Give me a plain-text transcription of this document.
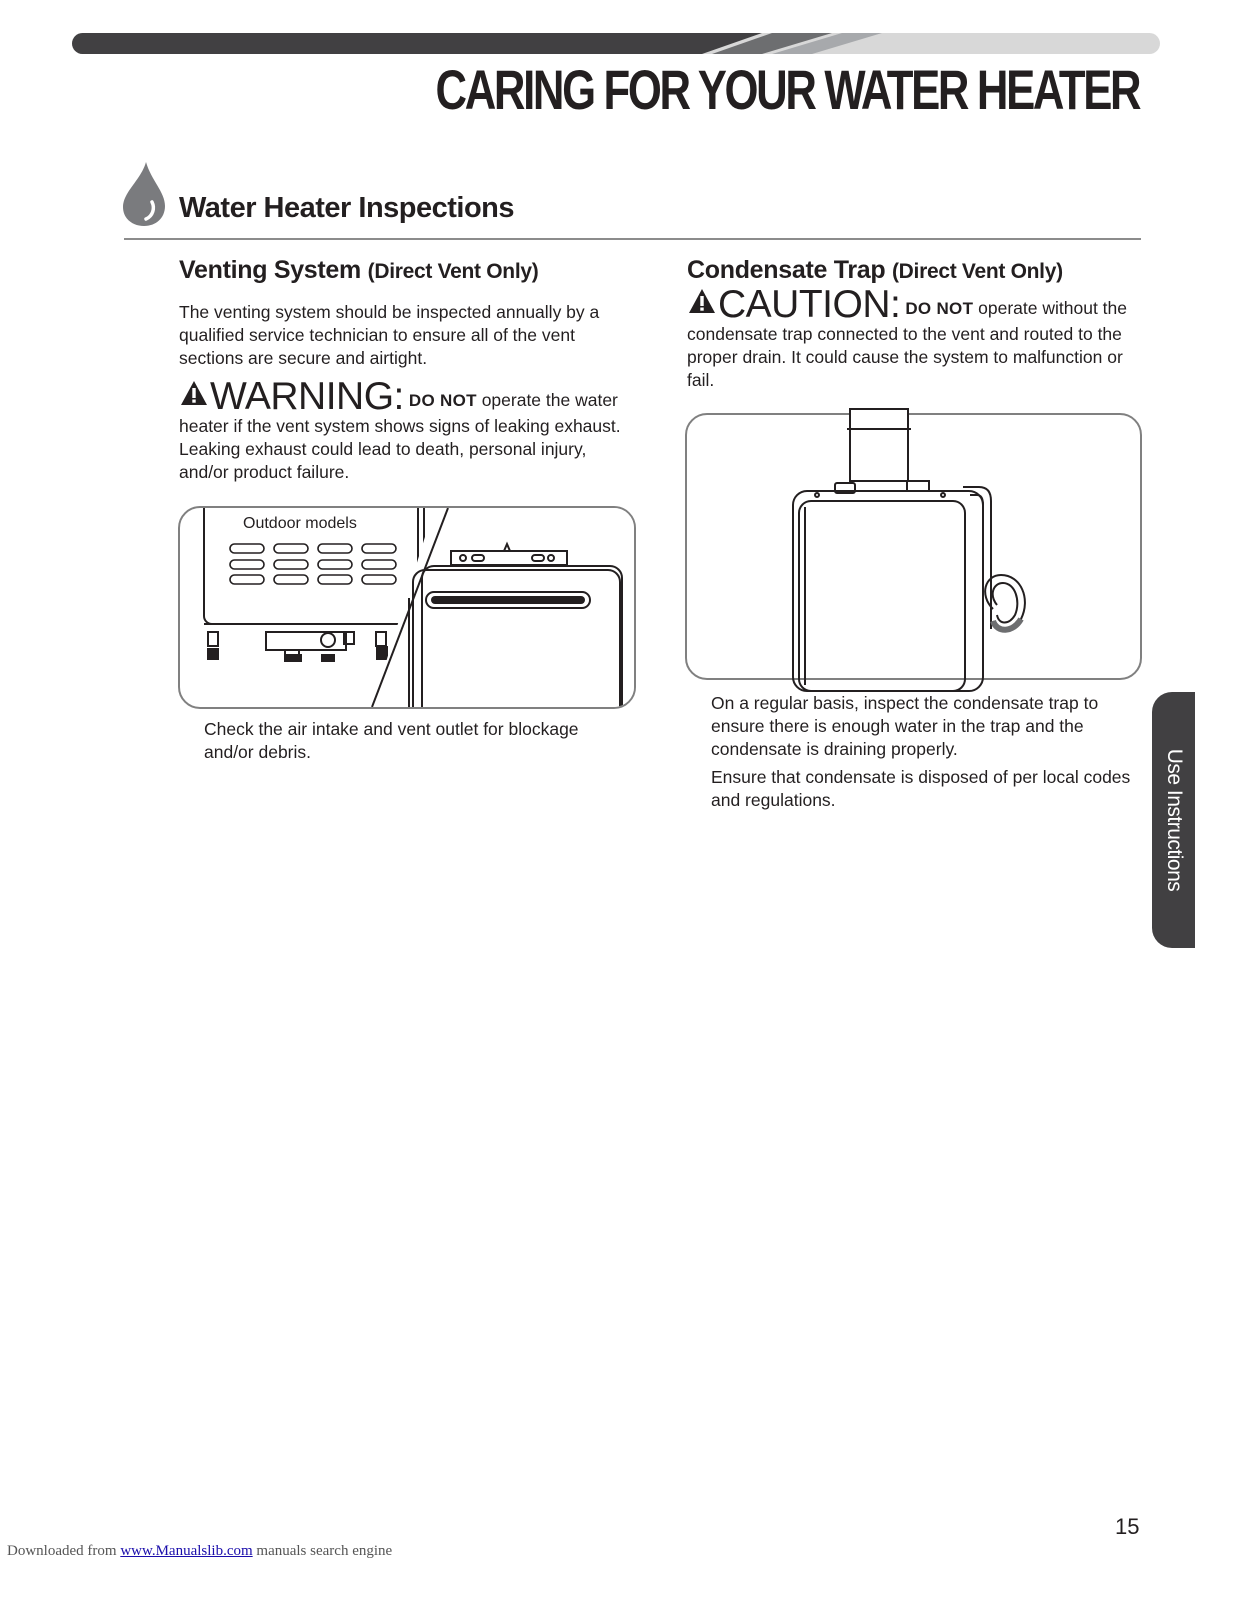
CARING FOR YOUR WATER HEATER
Water Heater Inspections
Venting System (Direct Vent Only)

The venting system should be inspected annually by a qualified service technician to ensure all of the vent sections are secure and airtight.

WARNING: DO NOT operate the water heater if the vent system shows signs of leaking exhaust. Leaking exhaust could lead to death, personal injury, and/or product failure.

Outdoor models

Check the air intake and vent outlet for blockage and/or debris.

Condensate Trap (Direct Vent Only)

CAUTION: DO NOT operate without the condensate trap connected to the vent and routed to the proper drain. It could cause the system to malfunction or fail.

On a regular basis, inspect the condensate trap to ensure there is enough water in the trap and the condensate is draining properly.

Ensure that condensate is disposed of per local codes and regulations.	Use Instructions
15
Downloaded from www.Manualslib.com manuals search engine
